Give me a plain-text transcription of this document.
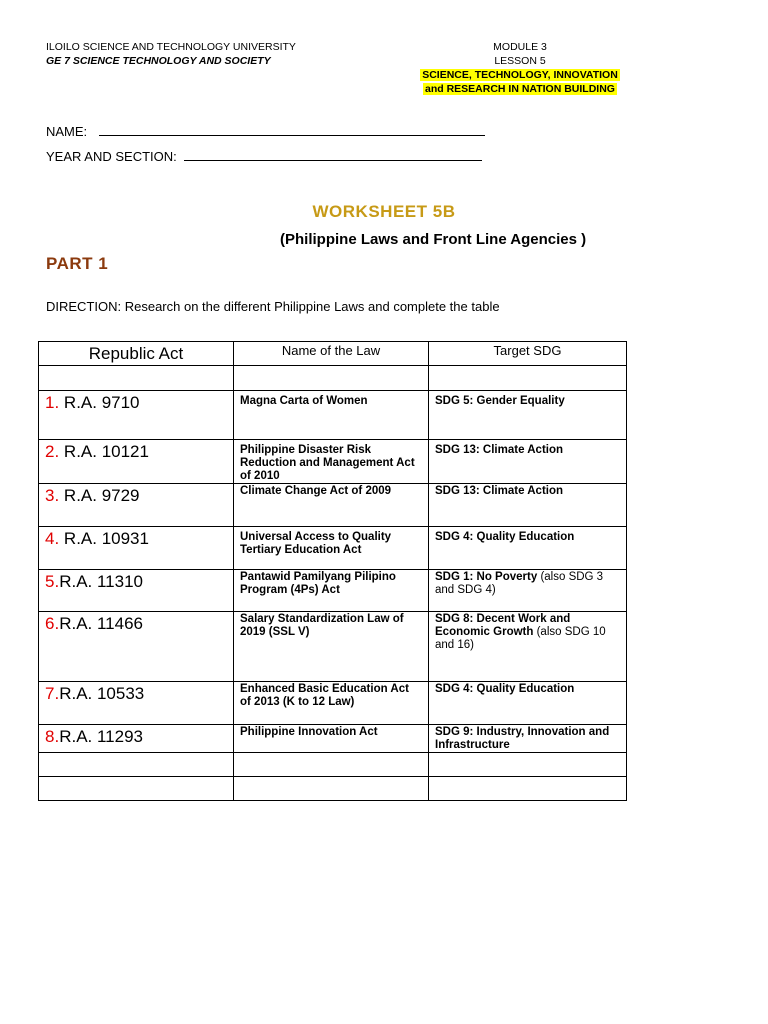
ILOILO SCIENCE AND TECHNOLOGY UNIVERSITY
GE 7 SCIENCE TECHNOLOGY AND SOCIETY
MODULE 3
LESSON 5
SCIENCE, TECHNOLOGY, INNOVATION
and RESEARCH IN NATION BUILDING
NAME:
YEAR AND SECTION:
WORKSHEET 5B
(Philippine Laws and Front Line Agencies )
PART 1
DIRECTION: Research on the different Philippine Laws and complete the table
Republic Act	Name of the Law	Target SDG

1. R.A. 9710	Magna Carta of Women	SDG 5: Gender Equality
2. R.A. 10121	Philippine Disaster Risk Reduction and Management Act of 2010	SDG 13: Climate Action
3. R.A. 9729	Climate Change Act of 2009	SDG 13: Climate Action
4. R.A. 10931	Universal Access to Quality Tertiary Education Act	SDG 4: Quality Education
5.R.A. 11310	Pantawid Pamilyang Pilipino Program (4Ps) Act	SDG 1: No Poverty (also SDG 3 and SDG 4)
6.R.A. 11466	Salary Standardization Law of 2019 (SSL V)	SDG 8: Decent Work and Economic Growth (also SDG 10 and 16)
7.R.A. 10533	Enhanced Basic Education Act of 2013 (K to 12 Law)	SDG 4: Quality Education
8.R.A. 11293	Philippine Innovation Act	SDG 9: Industry, Innovation and Infrastructure
